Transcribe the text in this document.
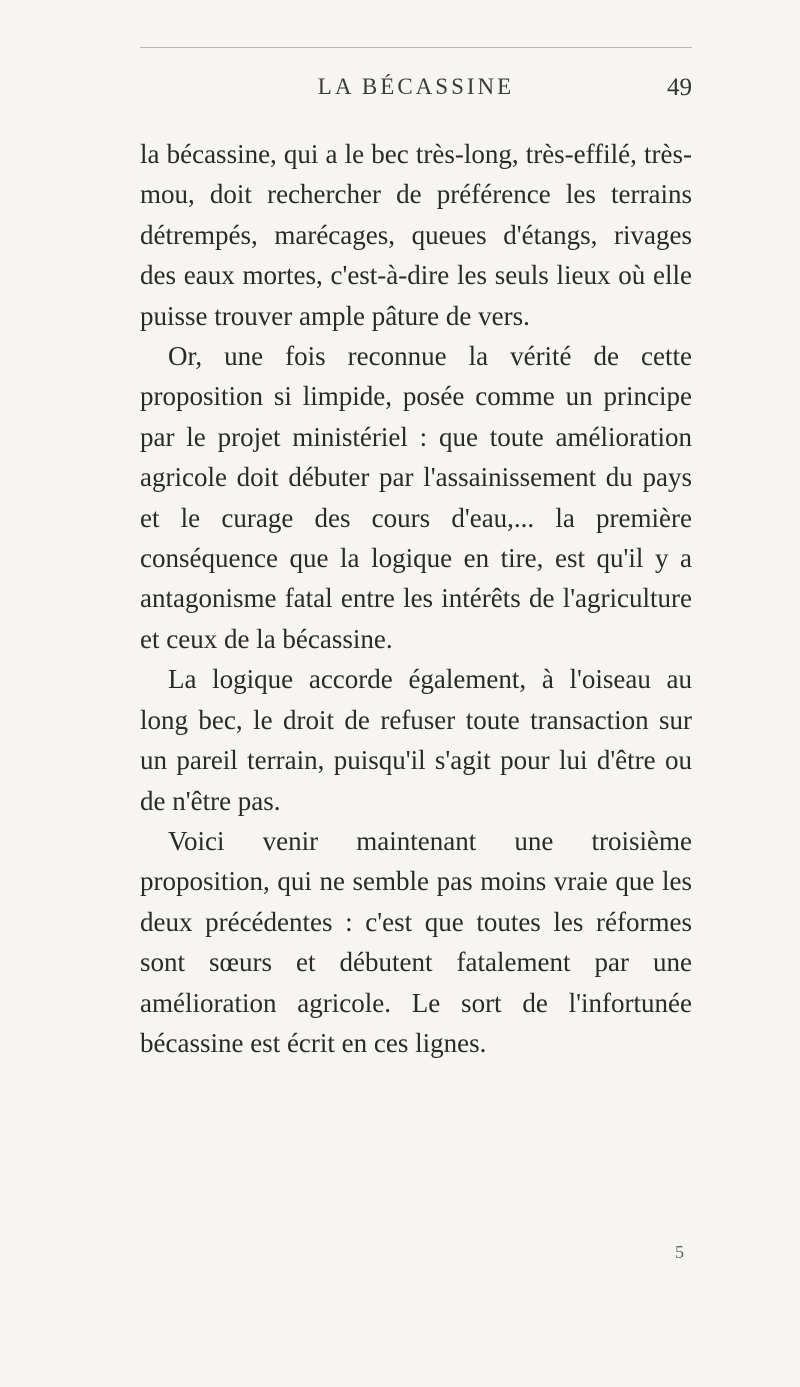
LA BÉCASSINE	49

la bécassine, qui a le bec très-long, très-effilé, très-mou, doit rechercher de préférence les terrains détrempés, marécages, queues d'étangs, rivages des eaux mortes, c'est-à-dire les seuls lieux où elle puisse trouver ample pâture de vers.

Or, une fois reconnue la vérité de cette proposition si limpide, posée comme un principe par le projet ministériel : que toute amélioration agricole doit débuter par l'assainissement du pays et le curage des cours d'eau,... la première conséquence que la logique en tire, est qu'il y a antagonisme fatal entre les intérêts de l'agriculture et ceux de la bécassine.

La logique accorde également, à l'oiseau au long bec, le droit de refuser toute transaction sur un pareil terrain, puisqu'il s'agit pour lui d'être ou de n'être pas.

Voici venir maintenant une troisième proposition, qui ne semble pas moins vraie que les deux précédentes : c'est que toutes les réformes sont sœurs et débutent fatalement par une amélioration agricole. Le sort de l'infortunée bécassine est écrit en ces lignes.

5
